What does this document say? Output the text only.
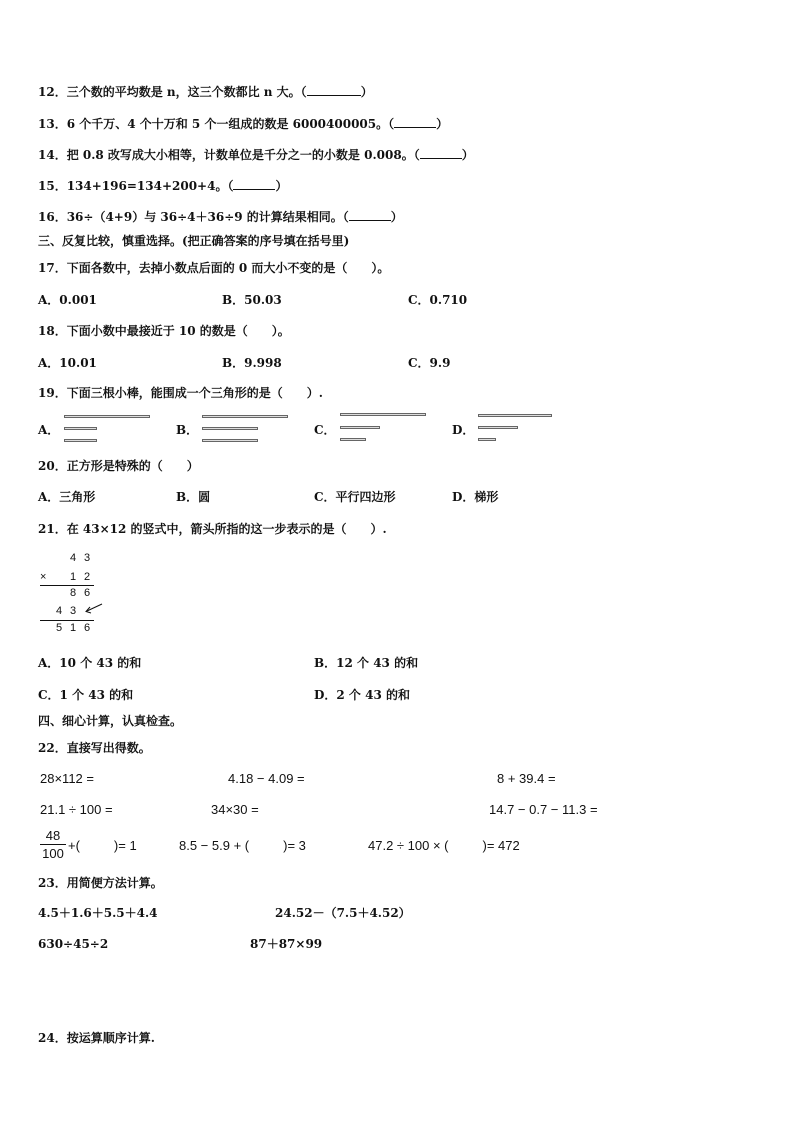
12．三个数的平均数是 n，这三个数都比 n 大。（	）
13．6 个千万、4 个十万和 5 个一组成的数是 6000400005。（	）
14．把 0.8 改写成大小相等，计数单位是千分之一的小数是 0.008。（	）
15．134+196=134+200+4。（	）
16．36÷（4+9）与 36÷4＋36÷9 的计算结果相同。（	）
三、反复比较，慎重选择。(把正确答案的序号填在括号里)
17．下面各数中，去掉小数点后面的 0 而大小不变的是（　　）。
A．0.001	B．50.03	C．0.710
18．下面小数中最接近于 10 的数是（　　）。
A．10.01	B．9.998	C．9.9
19．下面三根小棒，能围成一个三角形的是（　　）.
A．	B．	C．	D．
20．正方形是特殊的（　　）
A．三角形	B．圆	C．平行四边形	D．梯形
21．在 43×12 的竖式中，箭头所指的这一步表示的是（　　）.
4 3
× 1 2
8 6
4 3
5 1 6
A．10 个 43 的和	B．12 个 43 的和
C．1 个 43 的和	D．2 个 43 的和
四、细心计算，认真检查。
22．直接写出得数。
28×112 =	4.18 − 4.09 =	8 + 39.4 =
21.1 ÷ 100 =	34×30 =	14.7 − 0.7 − 11.3 =
48
100
+(	)= 1	8.5 − 5.9 + (	)= 3	47.2 ÷ 100 × (	)= 472
23．用简便方法计算。
4.5＋1.6＋5.5＋4.4	24.52－（7.5＋4.52）
630÷45÷2	87＋87×99
24．按运算顺序计算.
